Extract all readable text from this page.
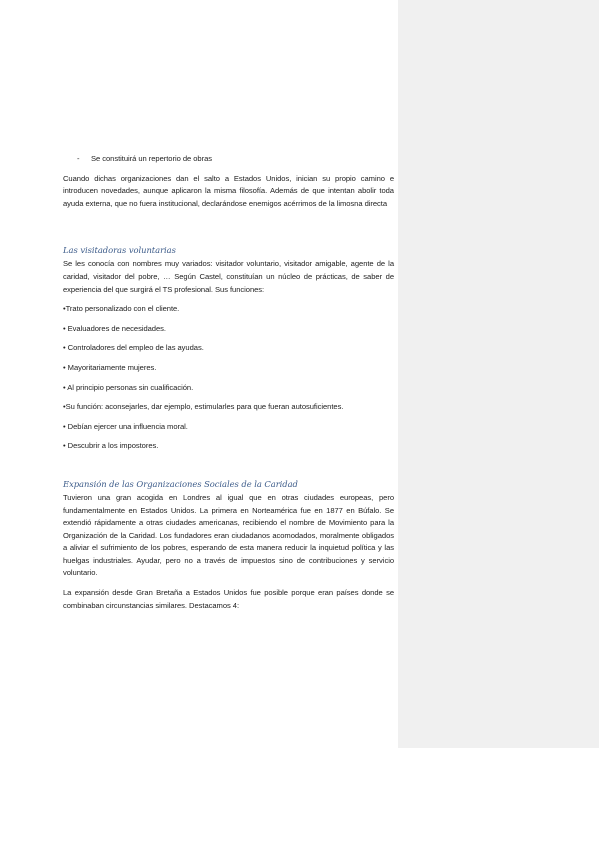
-	Se constituirá un repertorio de obras

Cuando dichas organizaciones dan el salto a Estados Unidos, inician su propio camino e introducen novedades, aunque aplicaron la misma filosofía. Además de que intentan abolir toda ayuda externa, que no fuera institucional, declarándose enemigos acérrimos de la limosna directa

Las visitadoras voluntarias

Se les conocía con nombres muy variados: visitador voluntario, visitador amigable, agente de la caridad, visitador del pobre, … Según Castel, constituían un núcleo de prácticas, de saber de experiencia del que surgirá el TS profesional. Sus funciones:

•Trato personalizado con el cliente.
• Evaluadores de necesidades.
• Controladores del empleo de las ayudas.
• Mayoritariamente mujeres.
• Al principio personas sin cualificación.
•Su función: aconsejarles, dar ejemplo, estimularles para que fueran autosuficientes.
• Debían ejercer una influencia moral.
• Descubrir a los impostores.
Expansión de las Organizaciones Sociales de la Caridad

Tuvieron una gran acogida en Londres al igual que en otras ciudades europeas, pero fundamentalmente en Estados Unidos. La primera en Norteamérica fue en 1877 en Búfalo. Se extendió rápidamente a otras ciudades americanas, recibiendo el nombre de Movimiento para la Organización de la Caridad. Los fundadores eran ciudadanos acomodados, moralmente obligados a aliviar el sufrimiento de los pobres, esperando de esta manera reducir la inquietud política y las huelgas industriales. Ayudar, pero no a través de impuestos sino de contribuciones y servicio voluntario.

La expansión desde Gran Bretaña a Estados Unidos fue posible porque eran países donde se combinaban circunstancias similares. Destacamos 4:
